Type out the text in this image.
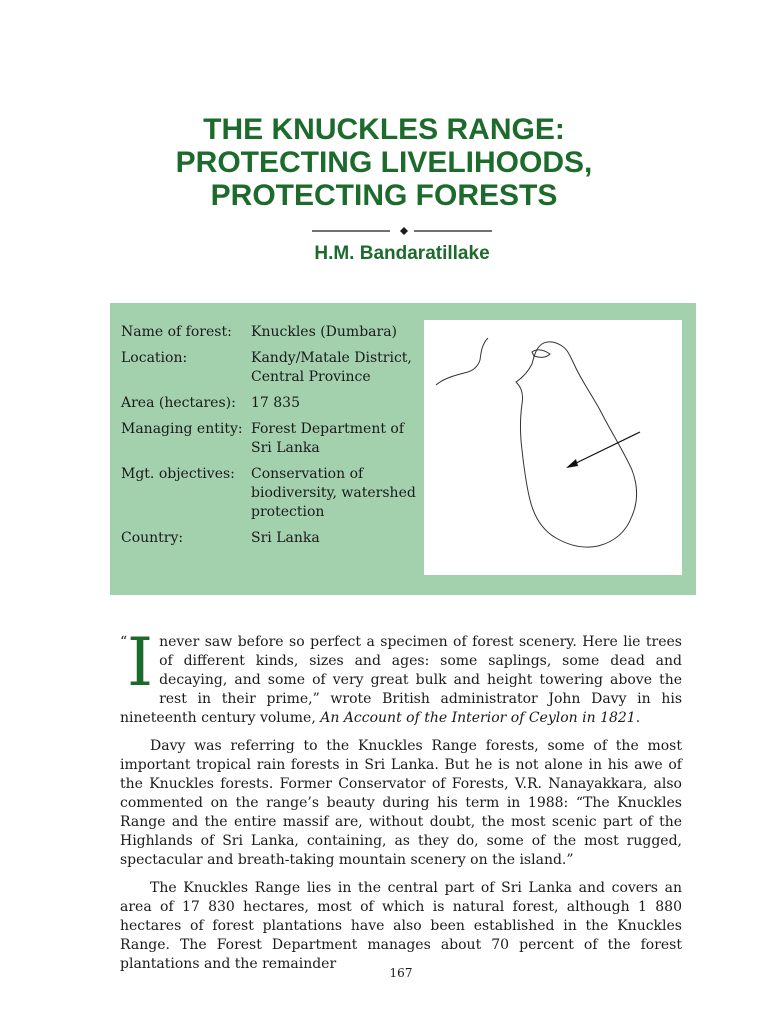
THE KNUCKLES RANGE:
PROTECTING LIVELIHOODS,
PROTECTING FORESTS
H.M. Bandaratillake
Name of forest:	Knuckles (Dumbara)
Location:	Kandy/Matale District, Central Province
Area (hectares):	17 835
Managing entity: Forest Department of Sri Lanka
Mgt. objectives:	Conservation of biodiversity, watershed protection
Country:	Sri Lanka

“ I never saw before so perfect a specimen of forest scenery. Here lie trees of different kinds, sizes and ages: some saplings, some dead and decaying, and some of very great bulk and height towering above the rest in their prime,” wrote British administrator John Davy in his nineteenth century volume, An Account of the Interior of Ceylon in 1821.

Davy was referring to the Knuckles Range forests, some of the most important tropical rain forests in Sri Lanka. But he is not alone in his awe of the Knuckles forests. Former Conservator of Forests, V.R. Nanayakkara, also commented on the range’s beauty during his term in 1988: “The Knuckles Range and the entire massif are, without doubt, the most scenic part of the Highlands of Sri Lanka, containing, as they do, some of the most rugged, spectacular and breath-taking mountain scenery on the island.”

The Knuckles Range lies in the central part of Sri Lanka and covers an area of 17 830 hectares, most of which is natural forest, although 1 880 hectares of forest plantations have also been established in the Knuckles Range. The Forest Department manages about 70 percent of the forest plantations and the remainder

167
